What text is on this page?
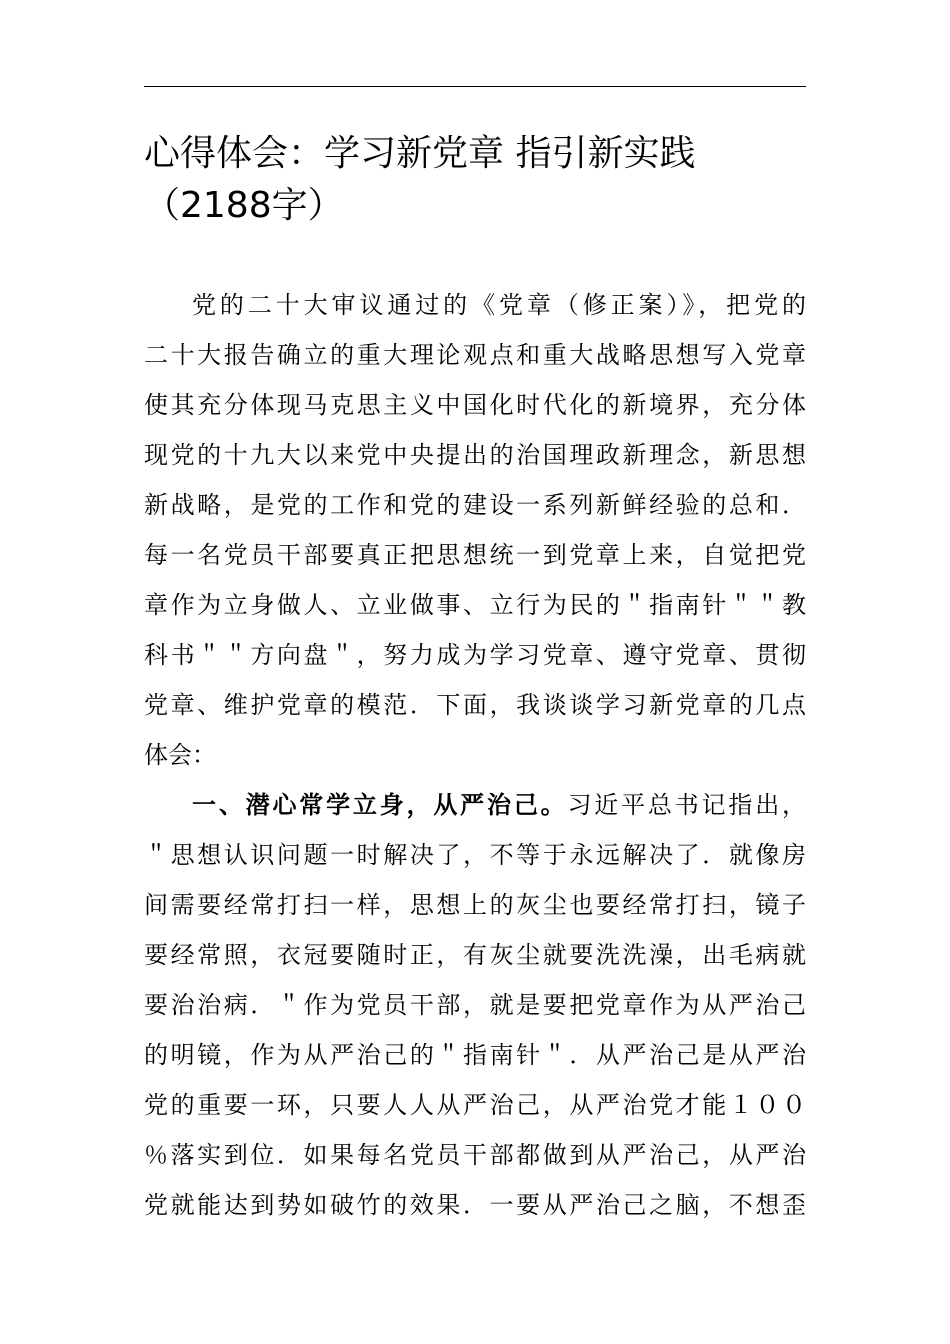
心得体会：学习新党章 指引新实践（2188字）
党的二十大审议通过的《党章（修正案）》，把党的
二十大报告确立的重大理论观点和重大战略思想写入党章
使其充分体现马克思主义中国化时代化的新境界，充分体
现党的十九大以来党中央提出的治国理政新理念，新思想
新战略，是党的工作和党的建设一系列新鲜经验的总和．
每一名党员干部要真正把思想统一到党章上来，自觉把党
章作为立身做人、立业做事、立行为民的＂指南针＂＂教
科书＂＂方向盘＂，努力成为学习党章、遵守党章、贯彻
党章、维护党章的模范．下面，我谈谈学习新党章的几点
体会：
一、潜心常学立身，从严治己。习近平总书记指出，
＂思想认识问题一时解决了，不等于永远解决了．就像房
间需要经常打扫一样，思想上的灰尘也要经常打扫，镜子
要经常照，衣冠要随时正，有灰尘就要洗洗澡，出毛病就
要治治病．＂作为党员干部，就是要把党章作为从严治己
的明镜，作为从严治己的＂指南针＂．从严治己是从严治
党的重要一环，只要人人从严治己，从严治党才能１００
％落实到位．如果每名党员干部都做到从严治己，从严治
党就能达到势如破竹的效果．一要从严治己之脑，不想歪
